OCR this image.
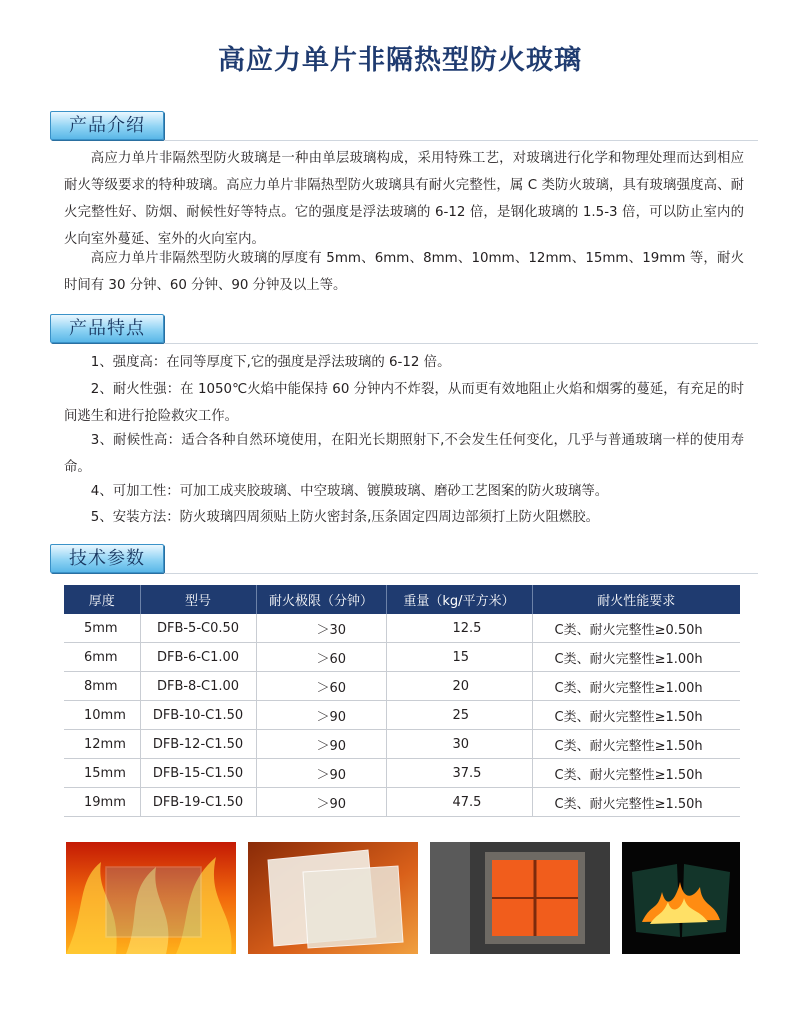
高应力单片非隔热型防火玻璃
产品介绍

高应力单片非隔然型防火玻璃是一种由单层玻璃构成，采用特殊工艺，对玻璃进行化学和物理处理而达到相应耐火等级要求的特种玻璃。高应力单片非隔热型防火玻璃具有耐火完整性，属 C 类防火玻璃，具有玻璃强度高、耐火完整性好、防烟、耐候性好等特点。它的强度是浮法玻璃的 6-12 倍，是钢化玻璃的 1.5-3 倍，可以防止室内的火向室外蔓延、室外的火向室内。

高应力单片非隔然型防火玻璃的厚度有 5mm、6mm、8mm、10mm、12mm、15mm、19mm 等，耐火时间有 30 分钟、60 分钟、90 分钟及以上等。

产品特点

1、强度高：在同等厚度下,它的强度是浮法玻璃的 6-12 倍。

2、耐火性强：在 1050℃火焰中能保持 60 分钟内不炸裂，从而更有效地阻止火焰和烟雾的蔓延，有充足的时间逃生和进行抢险救灾工作。

3、耐候性高：适合各种自然环境使用，在阳光长期照射下,不会发生任何变化，几乎与普通玻璃一样的使用寿命。

4、可加工性：可加工成夹胶玻璃、中空玻璃、镀膜玻璃、磨砂工艺图案的防火玻璃等。

5、安装方法：防火玻璃四周须贴上防火密封条,压条固定四周边部须打上防火阻燃胶。

技术参数
厚度	型号	耐火极限（分钟）	重量（kg/平方米）	耐火性能要求
5mm	DFB-5-C0.50	＞30	12.5	C类、耐火完整性≥0.50h
6mm	DFB-6-C1.00	＞60	15	C类、耐火完整性≥1.00h
8mm	DFB-8-C1.00	＞60	20	C类、耐火完整性≥1.00h
10mm	DFB-10-C1.50	＞90	25	C类、耐火完整性≥1.50h
12mm	DFB-12-C1.50	＞90	30	C类、耐火完整性≥1.50h
15mm	DFB-15-C1.50	＞90	37.5	C类、耐火完整性≥1.50h
19mm	DFB-19-C1.50	＞90	47.5	C类、耐火完整性≥1.50h
